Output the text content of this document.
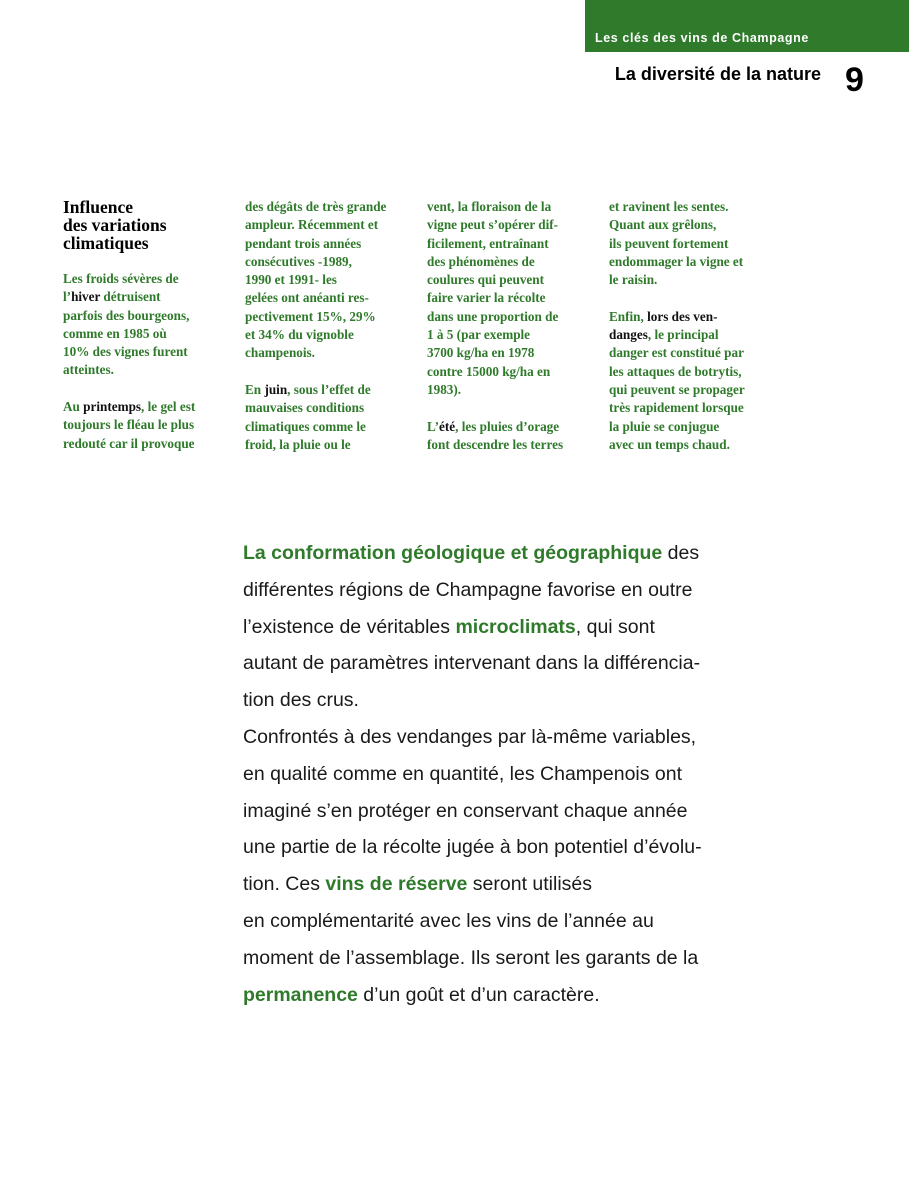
Les clés des vins de Champagne
La diversité de la nature 9
Influence
des variations
climatiques

Les froids sévères de
l’hiver détruisent
parfois des bourgeons,
comme en 1985 où
10% des vignes furent
atteintes.

Au printemps, le gel est
toujours le fléau le plus
redouté car il provoque

des dégâts de très grande
ampleur. Récemment et
pendant trois années
consécutives -1989,
1990 et 1991- les
gelées ont anéanti res-
pectivement 15%, 29%
et 34% du vignoble
champenois.

En juin, sous l’effet de
mauvaises conditions
climatiques comme le
froid, la pluie ou le

vent, la floraison de la
vigne peut s’opérer dif-
ficilement, entraînant
des phénomènes de
coulures qui peuvent
faire varier la récolte
dans une proportion de
1 à 5 (par exemple
3700 kg/ha en 1978
contre 15000 kg/ha en
1983).

L’été, les pluies d’orage
font descendre les terres

et ravinent les sentes.
Quant aux grêlons,
ils peuvent fortement
endommager la vigne et
le raisin.

Enfin, lors des ven-
danges, le principal
danger est constitué par
les attaques de botrytis,
qui peuvent se propager
très rapidement lorsque
la pluie se conjugue
avec un temps chaud.

La conformation géologique et géographique des
différentes régions de Champagne favorise en outre
l’existence de véritables microclimats, qui sont
autant de paramètres intervenant dans la différencia-
tion des crus.

Confrontés à des vendanges par là-même variables,
en qualité comme en quantité, les Champenois ont
imaginé s’en protéger en conservant chaque année
une partie de la récolte jugée à bon potentiel d’évolu-
tion. Ces vins de réserve seront utilisés
en complémentarité avec les vins de l’année au
moment de l’assemblage. Ils seront les garants de la
permanence d’un goût et d’un caractère.
